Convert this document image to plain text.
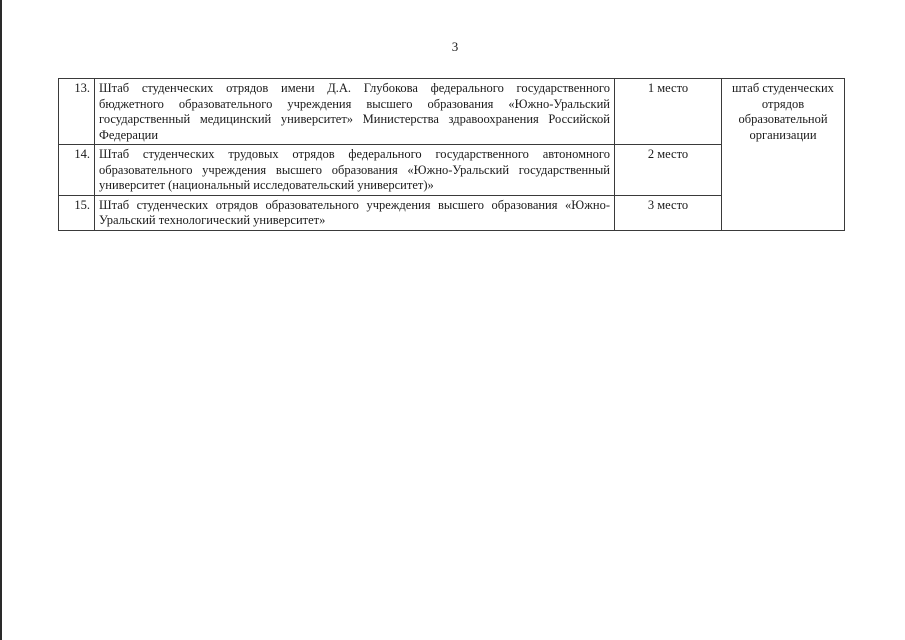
3
13.	Штаб студенческих отрядов имени Д.А. Глубокова федерального государственного бюджетного образовательного учреждения высшего образования «Южно-Уральский государственный медицинский университет» Министерства здравоохранения Российской Федерации	1 место	штаб студенческих отрядов образовательной организации
14.	Штаб студенческих трудовых отрядов федерального государственного автономного образовательного учреждения высшего образования «Южно-Уральский государственный университет (национальный исследовательский университет)»	2 место	
15.	Штаб студенческих отрядов образовательного учреждения высшего образования «Южно-Уральский технологический университет»	3 место	
